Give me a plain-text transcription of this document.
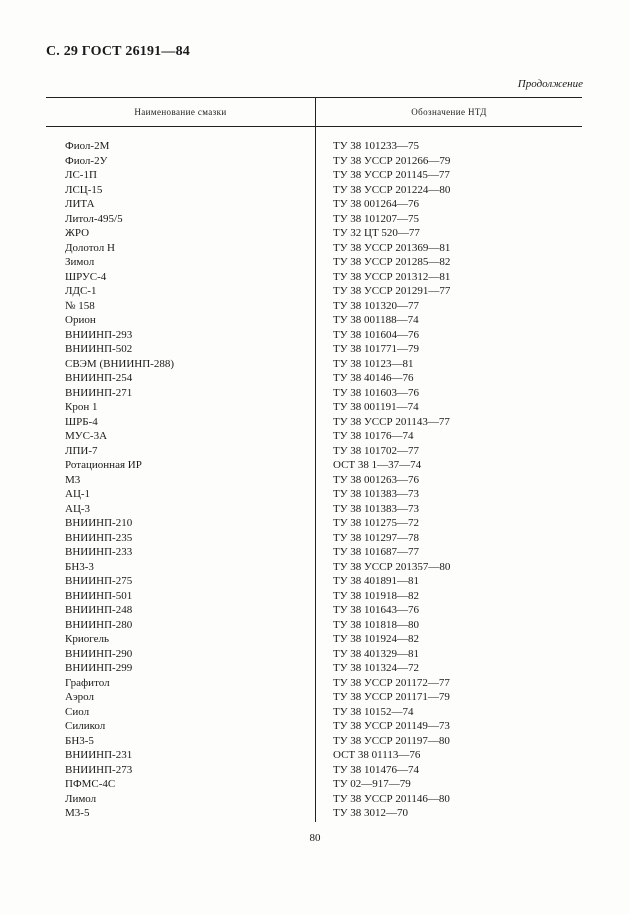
С. 29 ГОСТ 26191—84
Продолжение
Наименование смазки	Обозначение НТД
Фиол-2М	ТУ 38 101233—75
Фиол-2У	ТУ 38 УССР 201266—79
ЛС-1П	ТУ 38 УССР 201145—77
ЛСЦ-15	ТУ 38 УССР 201224—80
ЛИТА	ТУ 38 001264—76
Литол-495/5	ТУ 38 101207—75
ЖРО	ТУ 32 ЦТ 520—77
Долотол Н	ТУ 38 УССР 201369—81
Зимол	ТУ 38 УССР 201285—82
ШРУС-4	ТУ 38 УССР 201312—81
ЛДС-1	ТУ 38 УССР 201291—77
№ 158	ТУ 38 101320—77
Орион	ТУ 38 001188—74
ВНИИНП-293	ТУ 38 101604—76
ВНИИНП-502	ТУ 38 101771—79
СВЭМ (ВНИИНП-288)	ТУ 38 10123—81
ВНИИНП-254	ТУ 38 40146—76
ВНИИНП-271	ТУ 38 101603—76
Крон 1	ТУ 38 001191—74
ШРБ-4	ТУ 38 УССР 201143—77
МУС-3А	ТУ 38 10176—74
ЛПИ-7	ТУ 38 101702—77
Ротационная ИР	ОСТ 38 1—37—74
М3	ТУ 38 001263—76
АЦ-1	ТУ 38 101383—73
АЦ-3	ТУ 38 101383—73
ВНИИНП-210	ТУ 38 101275—72
ВНИИНП-235	ТУ 38 101297—78
ВНИИНП-233	ТУ 38 101687—77
БН3-3	ТУ 38 УССР 201357—80
ВНИИНП-275	ТУ 38 401891—81
ВНИИНП-501	ТУ 38 101918—82
ВНИИНП-248	ТУ 38 101643—76
ВНИИНП-280	ТУ 38 101818—80
Криогель	ТУ 38 101924—82
ВНИИНП-290	ТУ 38 401329—81
ВНИИНП-299	ТУ 38 101324—72
Графитол	ТУ 38 УССР 201172—77
Аэрол	ТУ 38 УССР 201171—79
Сиол	ТУ 38 10152—74
Силикол	ТУ 38 УССР 201149—73
БН3-5	ТУ 38 УССР 201197—80
ВНИИНП-231	ОСТ 38 01113—76
ВНИИНП-273	ТУ 38 101476—74
ПФМС-4С	ТУ 02—917—79
Лимол	ТУ 38 УССР 201146—80
М3-5	ТУ 38 3012—70
80
